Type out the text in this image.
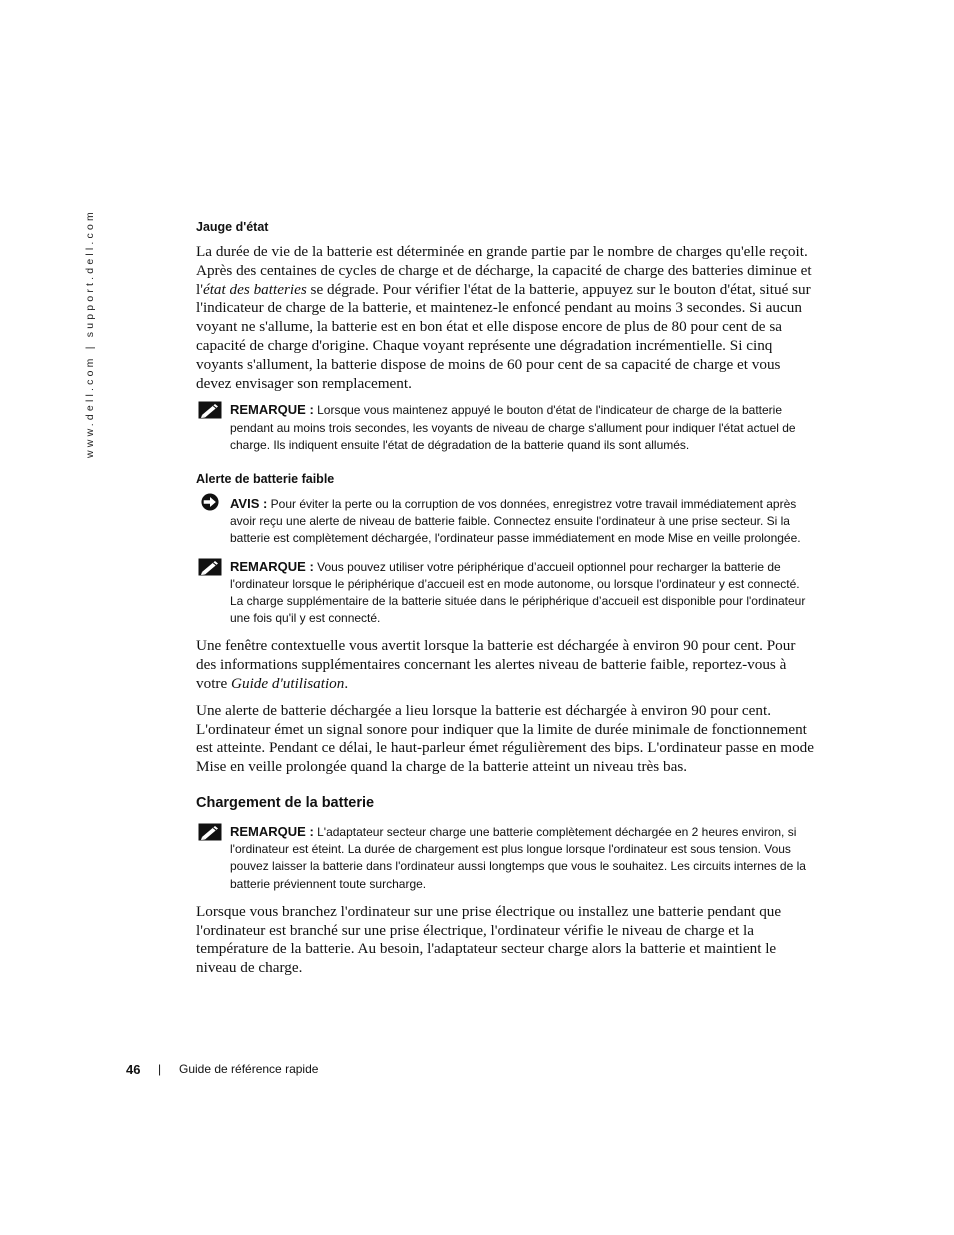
www.dell.com | support.dell.com	Jauge d'état

La durée de vie de la batterie est déterminée en grande partie par le nombre de charges qu'elle reçoit. Après des centaines de cycles de charge et de décharge, la capacité de charge des batteries diminue et l'état des batteries se dégrade. Pour vérifier l'état de la batterie, appuyez sur le bouton d'état, situé sur l'indicateur de charge de la batterie, et maintenez-le enfoncé pendant au moins 3 secondes. Si aucun voyant ne s'allume, la batterie est en bon état et elle dispose encore de plus de 80 pour cent de sa capacité de charge d'origine. Chaque voyant représente une dégradation incrémentielle. Si cinq voyants s'allument, la batterie dispose de moins de 60 pour cent de sa capacité de charge et vous devez envisager son remplacement.

REMARQUE : Lorsque vous maintenez appuyé le bouton d'état de l'indicateur de charge de la batterie pendant au moins trois secondes, les voyants de niveau de charge s'allument pour indiquer l'état actuel de charge. Ils indiquent ensuite l'état de dégradation de la batterie quand ils sont allumés.
Alerte de batterie faible
AVIS : Pour éviter la perte ou la corruption de vos données, enregistrez votre travail immédiatement après avoir reçu une alerte de niveau de batterie faible. Connectez ensuite l'ordinateur à une prise secteur. Si la batterie est complètement déchargée, l'ordinateur passe immédiatement en mode Mise en veille prolongée.
REMARQUE : Vous pouvez utiliser votre périphérique d’accueil optionnel pour recharger la batterie de l'ordinateur lorsque le périphérique d’accueil est en mode autonome, ou lorsque l'ordinateur y est connecté. La charge supplémentaire de la batterie située dans le périphérique d’accueil est disponible pour l'ordinateur une fois qu'il y est connecté.

Une fenêtre contextuelle vous avertit lorsque la batterie est déchargée à environ 90 pour cent. Pour des informations supplémentaires concernant les alertes niveau de batterie faible, reportez-vous à votre Guide d'utilisation.

Une alerte de batterie déchargée a lieu lorsque la batterie est déchargée à environ 90 pour cent. L'ordinateur émet un signal sonore pour indiquer que la limite de durée minimale de fonctionnement est atteinte. Pendant ce délai, le haut-parleur émet régulièrement des bips. L'ordinateur passe en mode Mise en veille prolongée quand la charge de la batterie atteint un niveau très bas.

Chargement de la batterie
REMARQUE : L'adaptateur secteur charge une batterie complètement déchargée en 2 heures environ, si l'ordinateur est éteint. La durée de chargement est plus longue lorsque l'ordinateur est sous tension. Vous pouvez laisser la batterie dans l'ordinateur aussi longtemps que vous le souhaitez. Les circuits internes de la batterie préviennent toute surcharge.

Lorsque vous branchez l'ordinateur sur une prise électrique ou installez une batterie pendant que l'ordinateur est branché sur une prise électrique, l'ordinateur vérifie le niveau de charge et la température de la batterie. Au besoin, l'adaptateur secteur charge alors la batterie et maintient le niveau de charge.

46 | Guide de référence rapide
